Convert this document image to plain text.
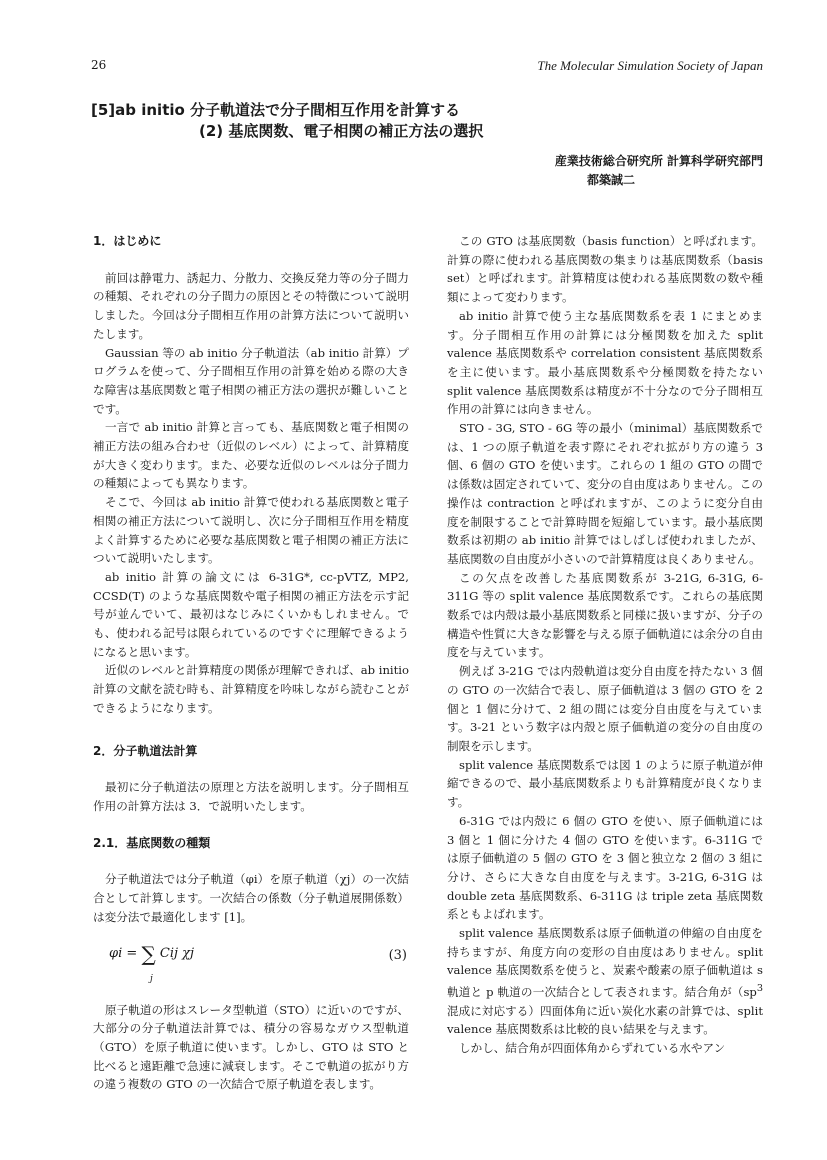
26	The Molecular Simulation Society of Japan
[5]ab initio 分子軌道法で分子間相互作用を計算する
(2) 基底関数、電子相関の補正方法の選択
産業技術総合研究所 計算科学研究部門
都築誠二

1．はじめに

前回は静電力、誘起力、分散力、交換反発力等の分子間力の種類、それぞれの分子間力の原因とその特徴について説明しました。今回は分子間相互作用の計算方法について説明いたします。

Gaussian 等の ab initio 分子軌道法（ab initio 計算）プログラムを使って、分子間相互作用の計算を始める際の大きな障害は基底関数と電子相関の補正方法の選択が難しいことです。

一言で ab initio 計算と言っても、基底関数と電子相関の補正方法の組み合わせ（近似のレベル）によって、計算精度が大きく変わります。また、必要な近似のレベルは分子間力の種類によっても異なります。

そこで、今回は ab initio 計算で使われる基底関数と電子相関の補正方法について説明し、次に分子間相互作用を精度よく計算するために必要な基底関数と電子相関の補正方法について説明いたします。

ab initio 計算の論文には 6-31G*, cc-pVTZ, MP2, CCSD(T) のような基底関数や電子相関の補正方法を示す記号が並んでいて、最初はなじみにくいかもしれません。でも、使われる記号は限られているのですぐに理解できるようになると思います。

近似のレベルと計算精度の関係が理解できれば、ab initio 計算の文献を読む時も、計算精度を吟味しながら読むことができるようになります。

2．分子軌道法計算

最初に分子軌道法の原理と方法を説明します。分子間相互作用の計算方法は 3．で説明いたします。

2.1．基底関数の種類

分子軌道法では分子軌道（φi）を原子軌道（χj）の一次結合として計算します。一次結合の係数（分子軌道展開係数）は変分法で最適化します [1]。

φi = ∑ Cij χj
j
(3)

原子軌道の形はスレータ型軌道（STO）に近いのですが、大部分の分子軌道法計算では、積分の容易なガウス型軌道（GTO）を原子軌道に使います。しかし、GTO は STO と比べると遠距離で急速に減衰します。そこで軌道の拡がり方の違う複数の GTO の一次結合で原子軌道を表します。

この GTO は基底関数（basis function）と呼ばれます。計算の際に使われる基底関数の集まりは基底関数系（basis set）と呼ばれます。計算精度は使われる基底関数の数や種類によって変わります。

ab initio 計算で使う主な基底関数系を表 1 にまとめます。分子間相互作用の計算には分極関数を加えた split valence 基底関数系や correlation consistent 基底関数系を主に使います。最小基底関数系や分極関数を持たない split valence 基底関数系は精度が不十分なので分子間相互作用の計算には向きません。

STO - 3G, STO - 6G 等の最小（minimal）基底関数系では、1 つの原子軌道を表す際にそれぞれ拡がり方の違う 3 個、6 個の GTO を使います。これらの 1 組の GTO の間では係数は固定されていて、変分の自由度はありません。この操作は contraction と呼ばれますが、このように変分自由度を制限することで計算時間を短縮しています。最小基底関数系は初期の ab initio 計算ではしばしば使われましたが、基底関数の自由度が小さいので計算精度は良くありません。

この欠点を改善した基底関数系が 3-21G, 6-31G, 6-311G 等の split valence 基底関数系です。これらの基底関数系では内殻は最小基底関数系と同様に扱いますが、分子の構造や性質に大きな影響を与える原子価軌道には余分の自由度を与えています。

例えば 3-21G では内殻軌道は変分自由度を持たない 3 個の GTO の一次結合で表し、原子価軌道は 3 個の GTO を 2 個と 1 個に分けて、2 組の間には変分自由度を与えています。3-21 という数字は内殻と原子価軌道の変分の自由度の制限を示します。

split valence 基底関数系では図 1 のように原子軌道が伸縮できるので、最小基底関数系よりも計算精度が良くなります。

6-31G では内殻に 6 個の GTO を使い、原子価軌道には 3 個と 1 個に分けた 4 個の GTO を使います。6-311G では原子価軌道の 5 個の GTO を 3 個と独立な 2 個の 3 組に分け、さらに大きな自由度を与えます。3-21G, 6-31G は double zeta 基底関数系、6-311G は triple zeta 基底関数系ともよばれます。

split valence 基底関数系は原子価軌道の伸縮の自由度を持ちますが、角度方向の変形の自由度はありません。split valence 基底関数系を使うと、炭素や酸素の原子価軌道は s 軌道と p 軌道の一次結合として表されます。結合角が（$sp^3$ 混成に対応する）四面体角に近い炭化水素の計算では、split valence 基底関数系は比較的良い結果を与えます。

しかし、結合角が四面体角からずれている水やアン
